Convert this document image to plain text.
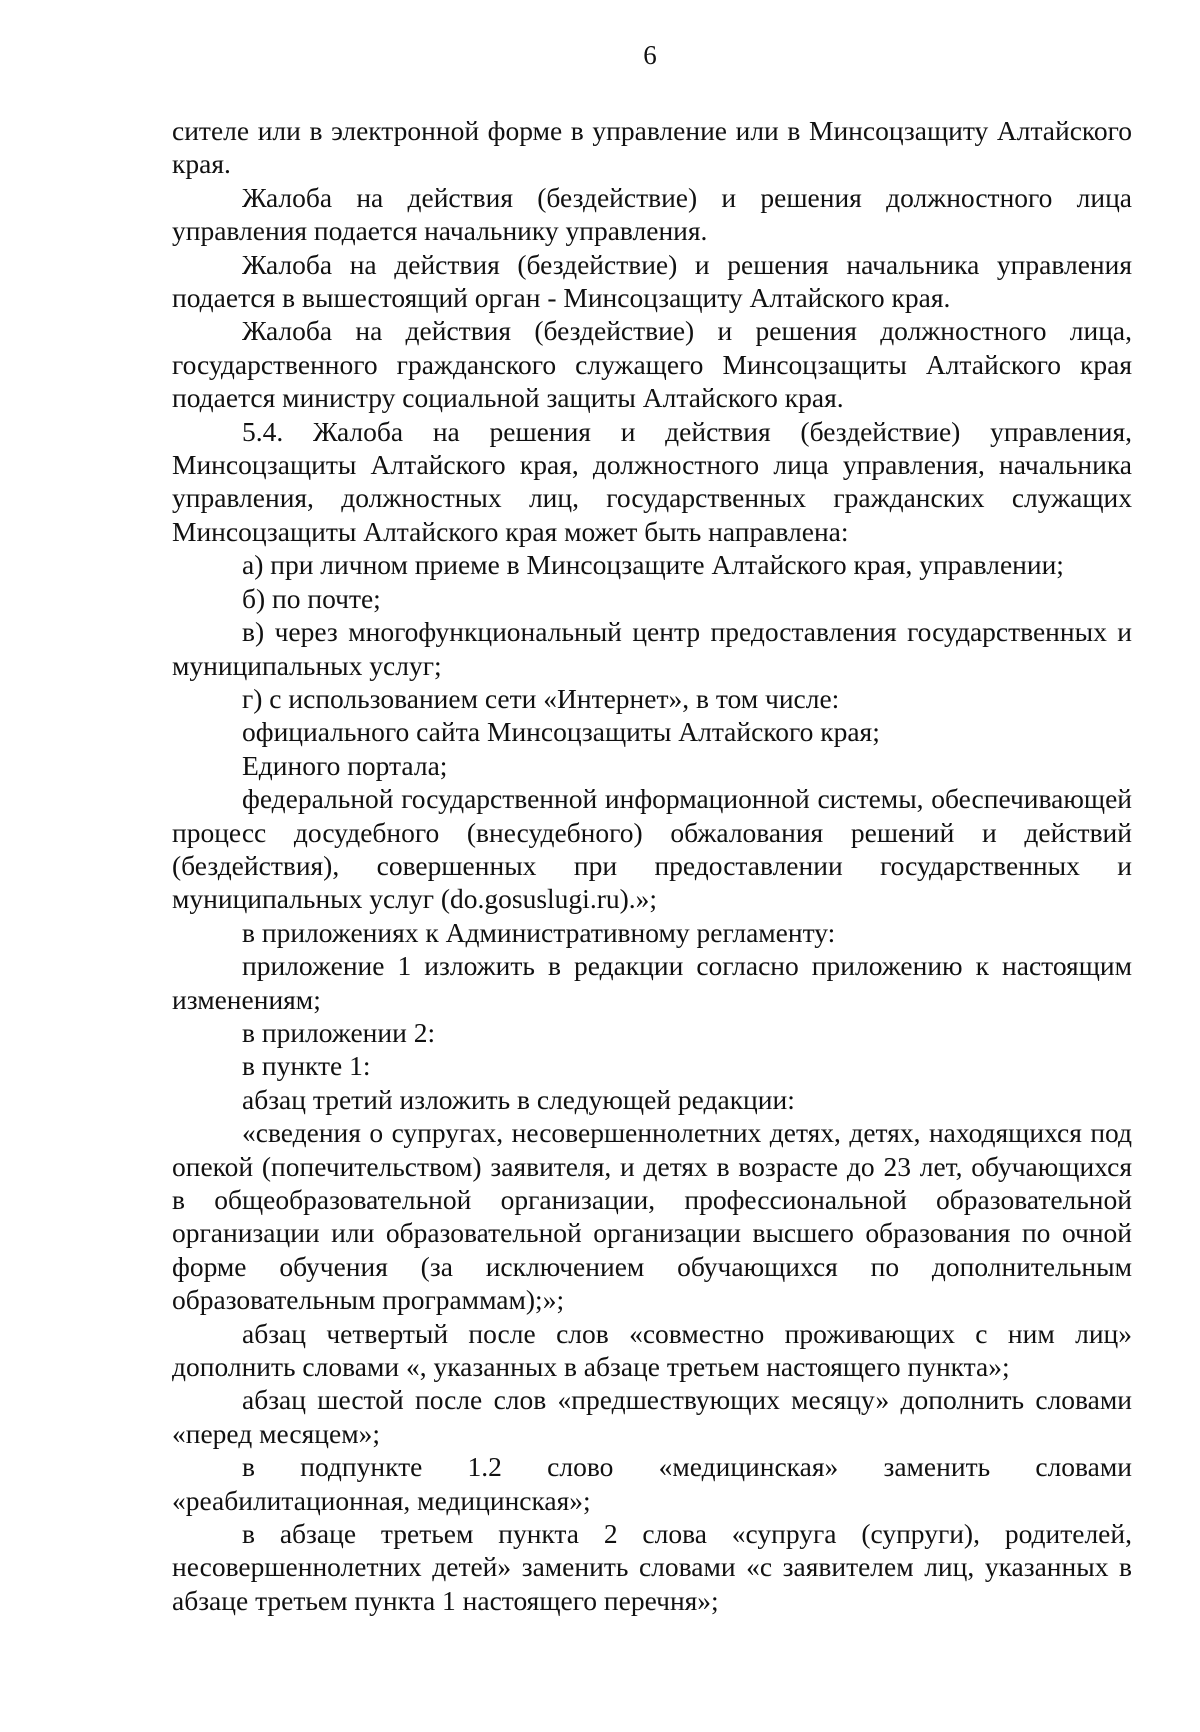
6

сителе или в электронной форме в управление или в Минсоцзащиту Алтайского края.

Жалоба на действия (бездействие) и решения должностного лица управления подается начальнику управления.

Жалоба на действия (бездействие) и решения начальника управления подается в вышестоящий орган - Минсоцзащиту Алтайского края.

Жалоба на действия (бездействие) и решения должностного лица, государственного гражданского служащего Минсоцзащиты Алтайского края подается министру социальной защиты Алтайского края.

5.4. Жалоба на решения и действия (бездействие) управления, Минсоцзащиты Алтайского края, должностного лица управления, начальника управления, должностных лиц, государственных гражданских служащих Минсоцзащиты Алтайского края может быть направлена:

а) при личном приеме в Минсоцзащите Алтайского края, управлении;

б) по почте;

в) через многофункциональный центр предоставления государственных и муниципальных услуг;

г) с использованием сети «Интернет», в том числе:

официального сайта Минсоцзащиты Алтайского края;

Единого портала;

федеральной государственной информационной системы, обеспечивающей процесс досудебного (внесудебного) обжалования решений и действий (бездействия), совершенных при предоставлении государственных и муниципальных услуг (do.gosuslugi.ru).»;

в приложениях к Административному регламенту:

приложение 1 изложить в редакции согласно приложению к настоящим изменениям;

в приложении 2:

в пункте 1:

абзац третий изложить в следующей редакции:

«сведения о супругах, несовершеннолетних детях, детях, находящихся под опекой (попечительством) заявителя, и детях в возрасте до 23 лет, обучающихся в общеобразовательной организации, профессиональной образовательной организации или образовательной организации высшего образования по очной форме обучения (за исключением обучающихся по дополнительным образовательным программам);»;

абзац четвертый после слов «совместно проживающих с ним лиц» дополнить словами «, указанных в абзаце третьем настоящего пункта»;

абзац шестой после слов «предшествующих месяцу» дополнить словами «перед месяцем»;

в подпункте 1.2 слово «медицинская» заменить словами «реабилитационная, медицинская»;

в абзаце третьем пункта 2 слова «супруга (супруги), родителей, несовершеннолетних детей» заменить словами «с заявителем лиц, указанных в абзаце третьем пункта 1 настоящего перечня»;
